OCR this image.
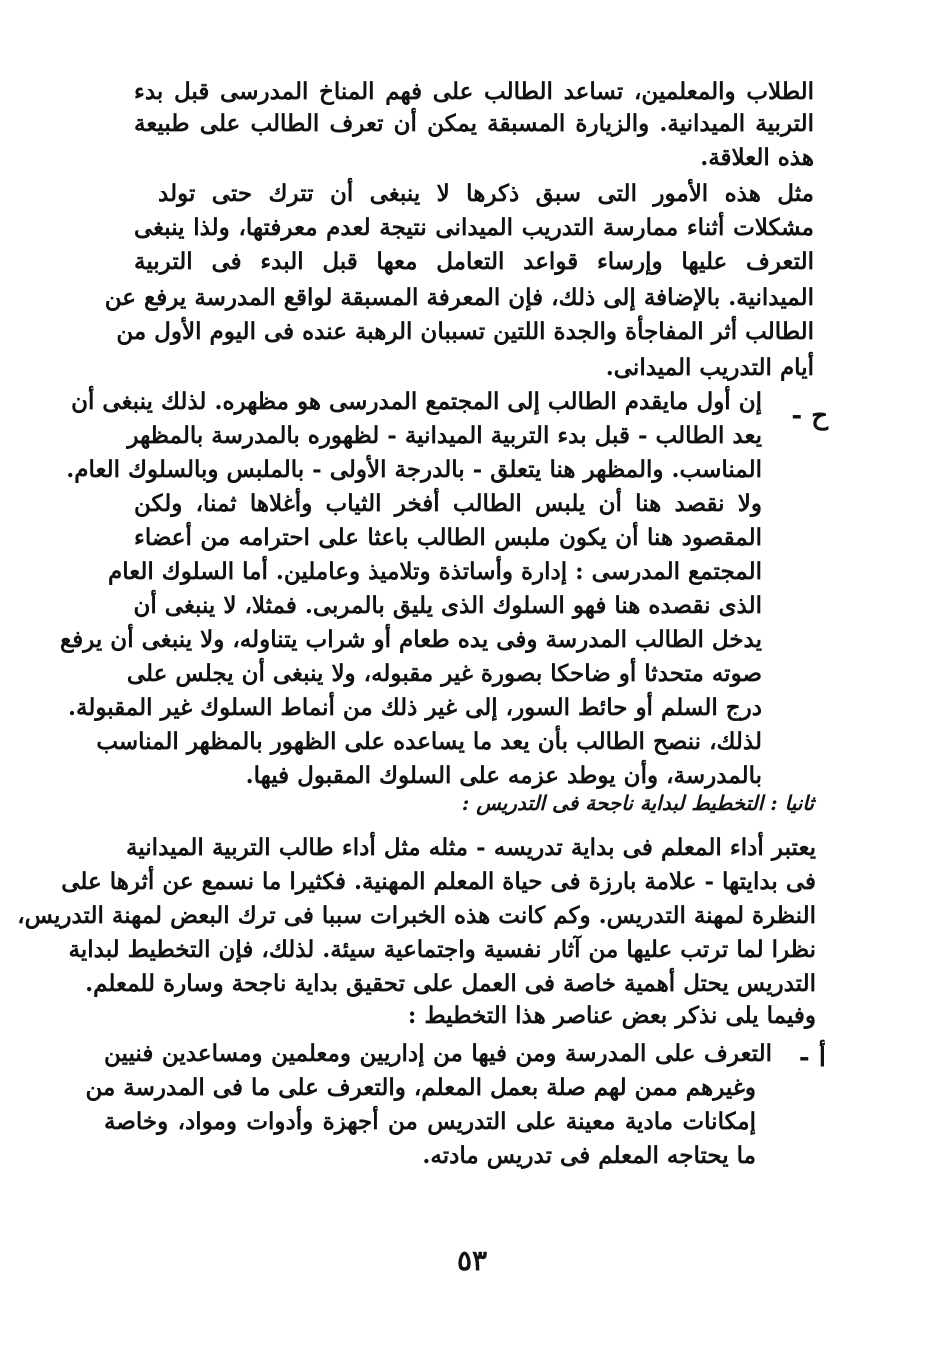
الطلاب والمعلمين، تساعد الطالب على فهم المناخ المدرسى قبل بدء
التربية الميدانية. والزيارة المسبقة يمكن أن تعرف الطالب على طبيعة
هذه العلاقة.
مثل هذه الأمور التى سبق ذكرها لا ينبغى أن تترك حتى تولد
مشكلات أثناء ممارسة التدريب الميدانى نتيجة لعدم معرفتها، ولذا ينبغى
التعرف عليها وإرساء قواعد التعامل معها قبل البدء فى التربية
الميدانية. بالإضافة إلى ذلك، فإن المعرفة المسبقة لواقع المدرسة يرفع عن
الطالب أثر المفاجأة والجدة اللتين تسببان الرهبة عنده فى اليوم الأول من
أيام التدريب الميدانى.
ح -
إن أول مايقدم الطالب إلى المجتمع المدرسى هو مظهره. لذلك ينبغى أن
يعد الطالب - قبل بدء التربية الميدانية - لظهوره بالمدرسة بالمظهر
المناسب. والمظهر هنا يتعلق - بالدرجة الأولى - بالملبس وبالسلوك العام.
ولا نقصد هنا أن يلبس الطالب أفخر الثياب وأغلاها ثمنا، ولكن
المقصود هنا أن يكون ملبس الطالب باعثا على احترامه من أعضاء
المجتمع المدرسى : إدارة وأساتذة وتلاميذ وعاملين. أما السلوك العام
الذى نقصده هنا فهو السلوك الذى يليق بالمربى. فمثلا، لا ينبغى أن
يدخل الطالب المدرسة وفى يده طعام أو شراب يتناوله، ولا ينبغى أن يرفع
صوته متحدثا أو ضاحكا بصورة غير مقبوله، ولا ينبغى أن يجلس على
درج السلم أو حائط السور، إلى غير ذلك من أنماط السلوك غير المقبولة.
لذلك، ننصح الطالب بأن يعد ما يساعده على الظهور بالمظهر المناسب
بالمدرسة، وأن يوطد عزمه على السلوك المقبول فيها.
ثانيا : التخطيط لبداية ناجحة فى التدريس :
يعتبر أداء المعلم فى بداية تدريسه - مثله مثل أداء طالب التربية الميدانية
فى بدايتها - علامة بارزة فى حياة المعلم المهنية. فكثيرا ما نسمع عن أثرها على
النظرة لمهنة التدريس. وكم كانت هذه الخبرات سببا فى ترك البعض لمهنة التدريس،
نظرا لما ترتب عليها من آثار نفسية واجتماعية سيئة. لذلك، فإن التخطيط لبداية
التدريس يحتل أهمية خاصة فى العمل على تحقيق بداية ناجحة وسارة للمعلم.
وفيما يلى نذكر بعض عناصر هذا التخطيط :
أ -
التعرف على المدرسة ومن فيها من إداريين ومعلمين ومساعدين فنيين
وغيرهم ممن لهم صلة بعمل المعلم، والتعرف على ما فى المدرسة من
إمكانات مادية معينة على التدريس من أجهزة وأدوات ومواد، وخاصة
ما يحتاجه المعلم فى تدريس مادته.
٥٣
